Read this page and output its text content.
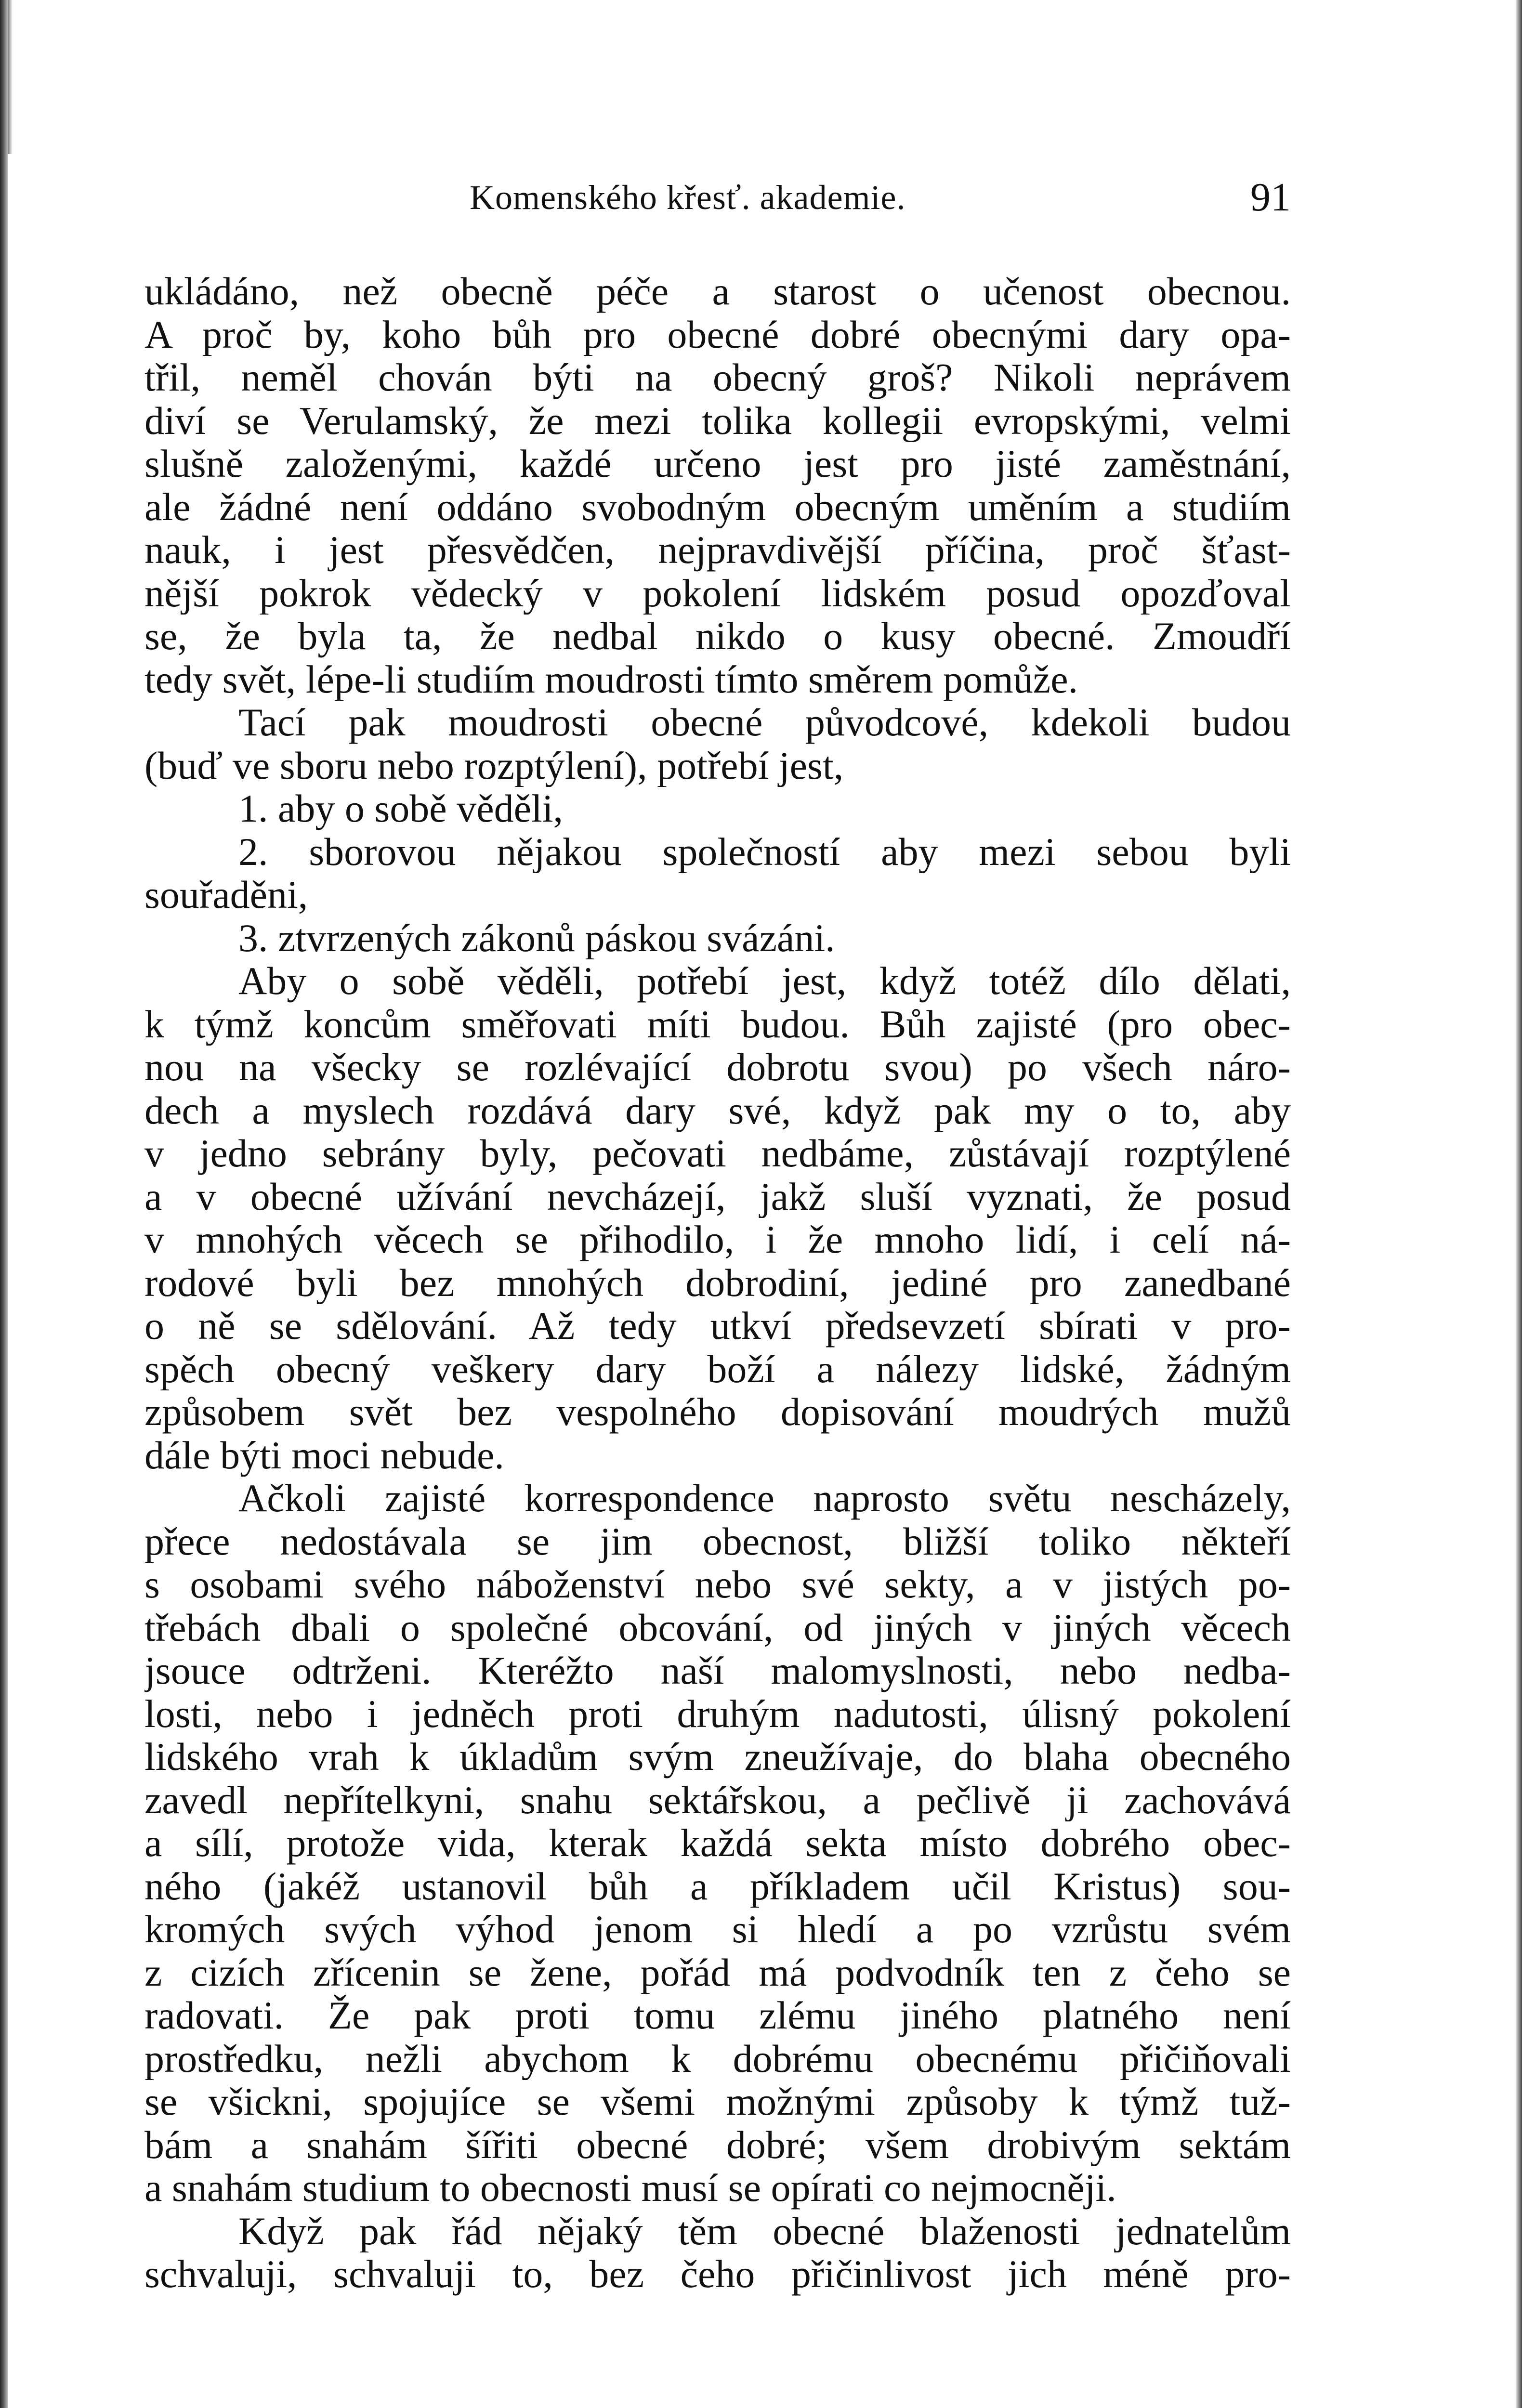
Komenského křesť. akademie.	91
ukládáno, než obecně péče a starost o učenost obecnou.
A proč by, koho bůh pro obecné dobré obecnými dary opa-
třil, neměl chován býti na obecný groš? Nikoli neprávem
diví se Verulamský, že mezi tolika kollegii evropskými, velmi
slušně založenými, každé určeno jest pro jisté zaměstnání,
ale žádné není oddáno svobodným obecným uměním a studiím
nauk, i jest přesvědčen, nejpravdivější příčina, proč šťast-
nější pokrok vědecký v pokolení lidském posud opozďoval
se, že byla ta, že nedbal nikdo o kusy obecné. Zmoudří
tedy svět, lépe-li studiím moudrosti tímto směrem pomůže.
Tací pak moudrosti obecné původcové, kdekoli budou
(buď ve sboru nebo rozptýlení), potřebí jest,
1. aby o sobě věděli,
2. sborovou nějakou společností aby mezi sebou byli
souřaděni,
3. ztvrzených zákonů páskou svázáni.
Aby o sobě věděli, potřebí jest, když totéž dílo dělati,
k týmž koncům směřovati míti budou. Bůh zajisté (pro obec-
nou na všecky se rozlévající dobrotu svou) po všech náro-
dech a myslech rozdává dary své, když pak my o to, aby
v jedno sebrány byly, pečovati nedbáme, zůstávají rozptýlené
a v obecné užívání nevcházejí, jakž sluší vyznati, že posud
v mnohých věcech se přihodilo, i že mnoho lidí, i celí ná-
rodové byli bez mnohých dobrodiní, jediné pro zanedbané
o ně se sdělování. Až tedy utkví předsevzetí sbírati v pro-
spěch obecný veškery dary boží a nálezy lidské, žádným
způsobem svět bez vespolného dopisování moudrých mužů
dále býti moci nebude.
Ačkoli zajisté korrespondence naprosto světu nescházely,
přece nedostávala se jim obecnost, bližší toliko někteří
s osobami svého náboženství nebo své sekty, a v jistých po-
třebách dbali o společné obcování, od jiných v jiných věcech
jsouce odtrženi. Kteréžto naší malomyslnosti, nebo nedba-
losti, nebo i jedněch proti druhým nadutosti, úlisný pokolení
lidského vrah k úkladům svým zneužívaje, do blaha obecného
zavedl nepřítelkyni, snahu sektářskou, a pečlivě ji zachovává
a sílí, protože vida, kterak každá sekta místo dobrého obec-
ného (jakéž ustanovil bůh a příkladem učil Kristus) sou-
kromých svých výhod jenom si hledí a po vzrůstu svém
z cizích zřícenin se žene, pořád má podvodník ten z čeho se
radovati. Že pak proti tomu zlému jiného platného není
prostředku, nežli abychom k dobrému obecnému přičiňovali
se všickni, spojujíce se všemi možnými způsoby k týmž tuž-
bám a snahám šířiti obecné dobré; všem drobivým sektám
a snahám studium to obecnosti musí se opírati co nejmocněji.
Když pak řád nějaký těm obecné blaženosti jednatelům
schvaluji, schvaluji to, bez čeho přičinlivost jich méně pro-
